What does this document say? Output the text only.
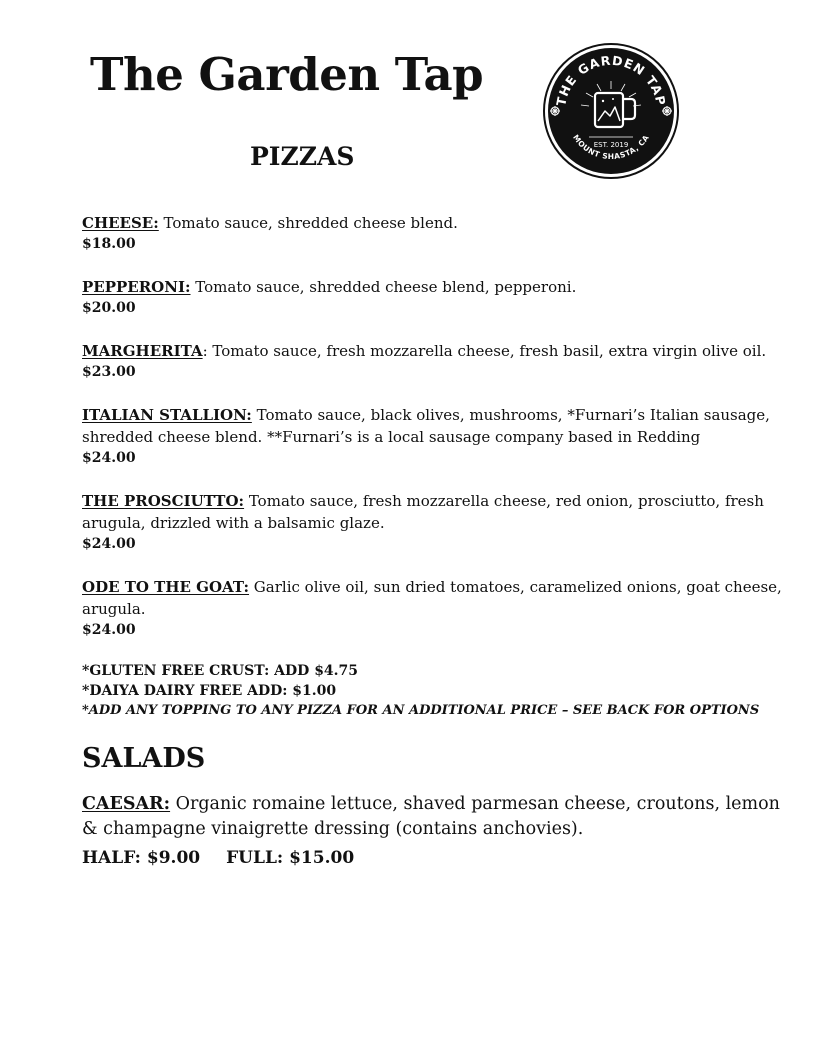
The Garden Tap
PIZZAS
THE GARDEN TAP
MOUNT SHASTA, CA
EST. 2019
CHEESE: Tomato sauce, shredded cheese blend.
$18.00
PEPPERONI: Tomato sauce, shredded cheese blend, pepperoni.
$20.00
MARGHERITA: Tomato sauce, fresh mozzarella cheese, fresh basil, extra virgin olive oil.
$23.00
ITALIAN STALLION: Tomato sauce, black olives, mushrooms, *Furnari’s Italian sausage, shredded cheese blend. **Furnari’s is a local sausage company based in Redding
$24.00
THE PROSCIUTTO: Tomato sauce, fresh mozzarella cheese, red onion, prosciutto, fresh arugula, drizzled with a balsamic glaze.
$24.00
ODE TO THE GOAT: Garlic olive oil, sun dried tomatoes, caramelized onions, goat cheese, arugula.
$24.00
*GLUTEN FREE CRUST: ADD $4.75
*DAIYA DAIRY FREE ADD: $1.00
*ADD ANY TOPPING TO ANY PIZZA FOR AN ADDITIONAL PRICE – SEE BACK FOR OPTIONS
SALADS
CAESAR: Organic romaine lettuce, shaved parmesan cheese, croutons, lemon & champagne vinaigrette dressing (contains anchovies).
HALF: $9.00 FULL: $15.00
